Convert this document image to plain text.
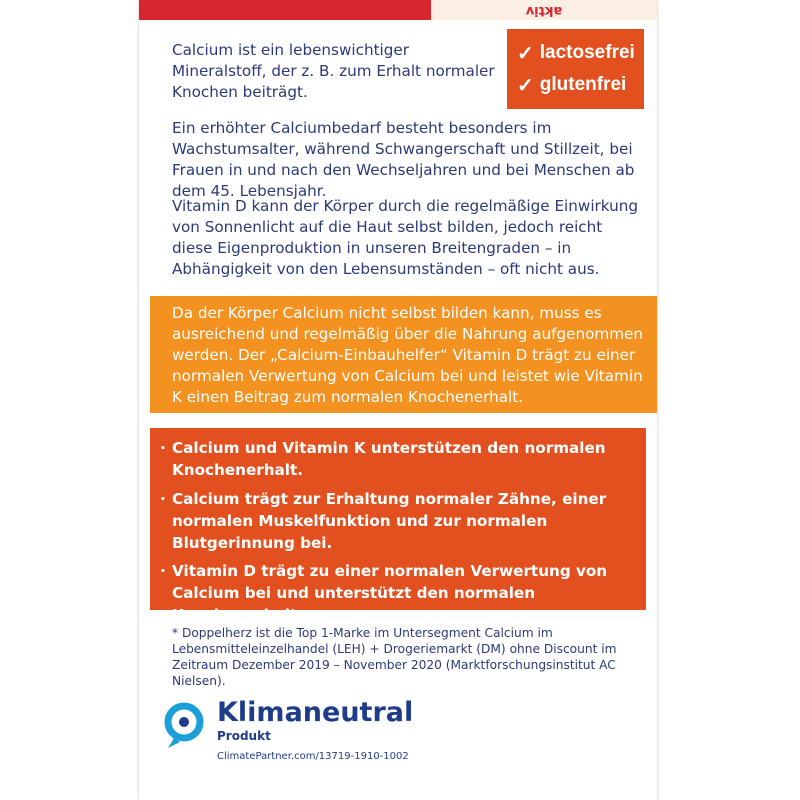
aktiv

Calcium ist ein lebenswichtiger Mineralstoff, der z. B. zum Erhalt normaler Knochen beiträgt.

✓ lactosefrei
✓ glutenfrei

Ein erhöhter Calciumbedarf besteht besonders im Wachstumsalter, während Schwangerschaft und Stillzeit, bei Frauen in und nach den Wechseljahren und bei Menschen ab dem 45. Lebensjahr.

Vitamin D kann der Körper durch die regelmäßige Einwirkung von Sonnenlicht auf die Haut selbst bilden, jedoch reicht diese Eigenproduktion in unseren Breitengraden – in Abhängigkeit von den Lebensumständen – oft nicht aus.

Da der Körper Calcium nicht selbst bilden kann, muss es ausreichend und regelmäßig über die Nahrung aufgenommen werden. Der „Calcium-Einbauhelfer“ Vitamin D trägt zu einer normalen Verwertung von Calcium bei und leistet wie Vitamin K einen Beitrag zum normalen Knochenerhalt.

· Calcium und Vitamin K unterstützen den normalen Knochenerhalt.
· Calcium trägt zur Erhaltung normaler Zähne, einer normalen Muskelfunktion und zur normalen Blutgerinnung bei.
· Vitamin D trägt zu einer normalen Verwertung von Calcium bei und unterstützt den normalen Knochenerhalt.

* Doppelherz ist die Top 1-Marke im Untersegment Calcium im Lebensmitteleinzelhandel (LEH) + Drogeriemarkt (DM) ohne Discount im Zeitraum Dezember 2019 – November 2020 (Marktforschungsinstitut AC Nielsen).

Klimaneutral
Produkt
ClimatePartner.com/13719-1910-1002
